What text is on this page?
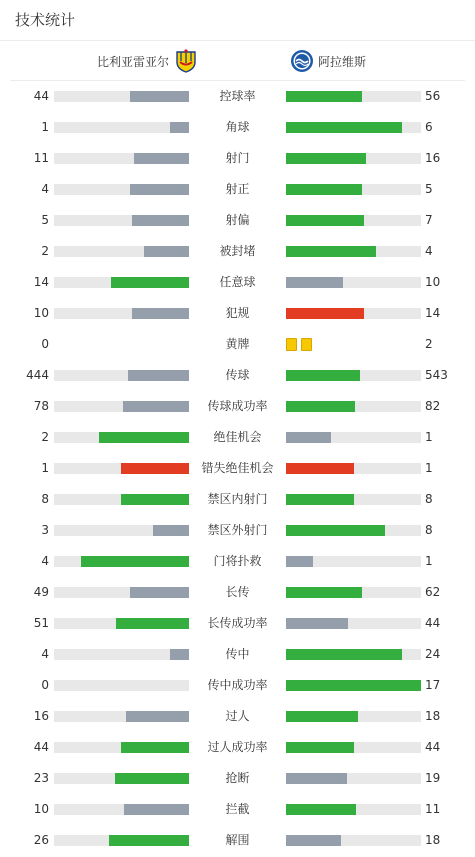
技术统计
比利亚雷亚尔	阿拉维斯
44	控球率	56
1	角球	6
11	射门	16
4	射正	5
5	射偏	7
2	被封堵	4
14	任意球	10
10	犯规	14
0	黄牌	2
444	传球	543
78	传球成功率	82
2	绝佳机会	1
1	错失绝佳机会	1
8	禁区内射门	8
3	禁区外射门	8
4	门将扑救	1
49	长传	62
51	长传成功率	44
4	传中	24
0	传中成功率	17
16	过人	18
44	过人成功率	44
23	抢断	19
10	拦截	11
26	解围	18
